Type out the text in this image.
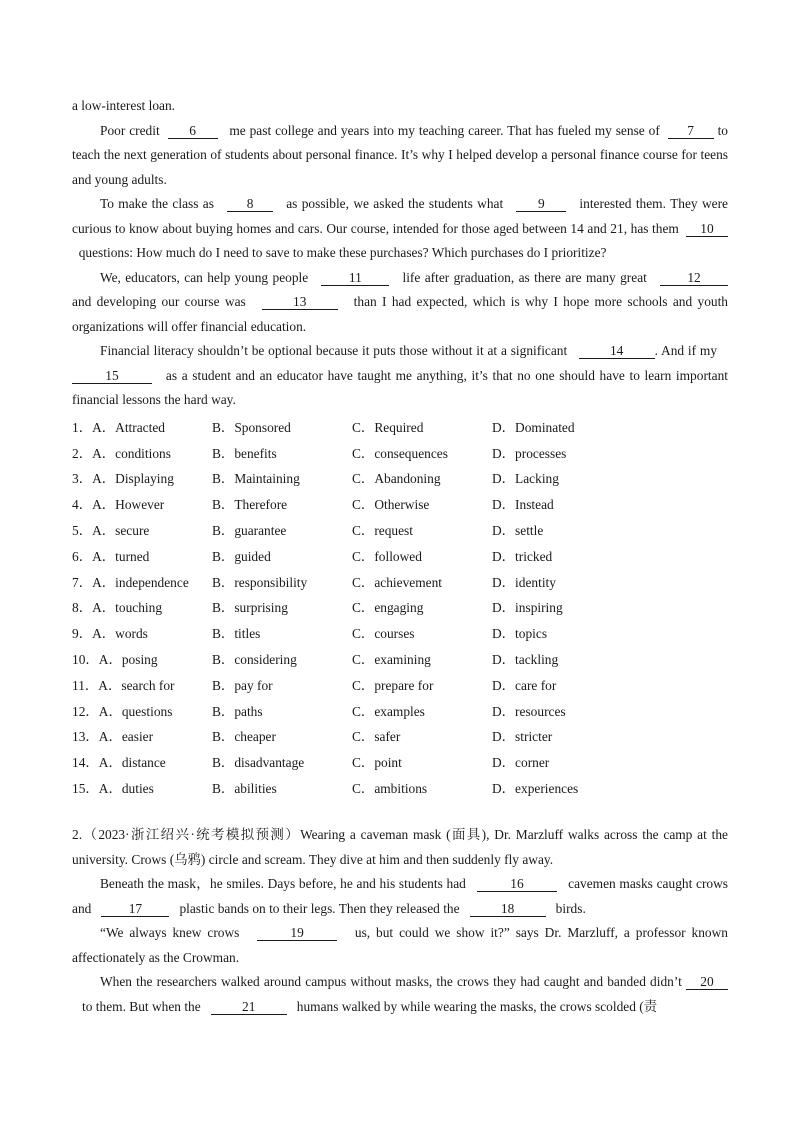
a low-interest loan.

Poor credit 6 me past college and years into my teaching career. That has fueled my sense of 7 to teach the next generation of students about personal finance. It’s why I helped develop a personal finance course for teens and young adults.

To make the class as 8 as possible, we asked the students what	9	interested them. They were curious to know about buying homes and cars. Our course, intended for those aged between 14 and 21, has them 10  questions: How much do I need to save to make these purchases? Which purchases do I prioritize?

We, educators, can help young people	11	life after graduation, as there are many great	12 and developing our course was	13	than I had expected, which is why I hope more schools and youth organizations will offer financial education.

Financial literacy shouldn’t be optional because it puts those without it at a significant	14 . And if my   15	as a student and an educator have taught me anything, it’s that no one should have to learn important financial lessons the hard way.

1．A．Attracted	B．Sponsored	C．Required	D．Dominated
2．A．conditions	B．benefits	C．consequences	D．processes
3．A．Displaying	B．Maintaining	C．Abandoning	D．Lacking
4．A．However	B．Therefore	C．Otherwise	D．Instead
5．A．secure	B．guarantee	C．request	D．settle
6．A．turned	B．guided	C．followed	D．tricked
7．A．independence	B．responsibility	C．achievement	D．identity
8．A．touching	B．surprising	C．engaging	D．inspiring
9．A．words	B．titles	C．courses	D．topics
10．A．posing	B．considering	C．examining	D．tackling
11．A．search for	B．pay for	C．prepare for	D．care for
12．A．questions	B．paths	C．examples	D．resources
13．A．easier	B．cheaper	C．safer	D．stricter
14．A．distance	B．disadvantage	C．point	D．corner
15．A．duties	B．abilities	C．ambitions	D．experiences

2.（2023·浙江绍兴·统考模拟预测）Wearing a caveman mask (面具), Dr. Marzluff walks across the camp at the university. Crows (乌鸦) circle and scream. They dive at him and then suddenly fly away.

Beneath the mask，he smiles. Days before, he and his students had	16	cavemen masks caught crows and	17	plastic bands on to their legs. Then they released the	18	birds.

“We always knew crows	19	us, but could we show it?” says Dr. Marzluff, a professor known affectionately as the Crowman.

When the researchers walked around campus without masks, the crows they had caught and banded didn’t 20   to them. But when the	21	humans walked by while wearing the masks, the crows scolded (责
